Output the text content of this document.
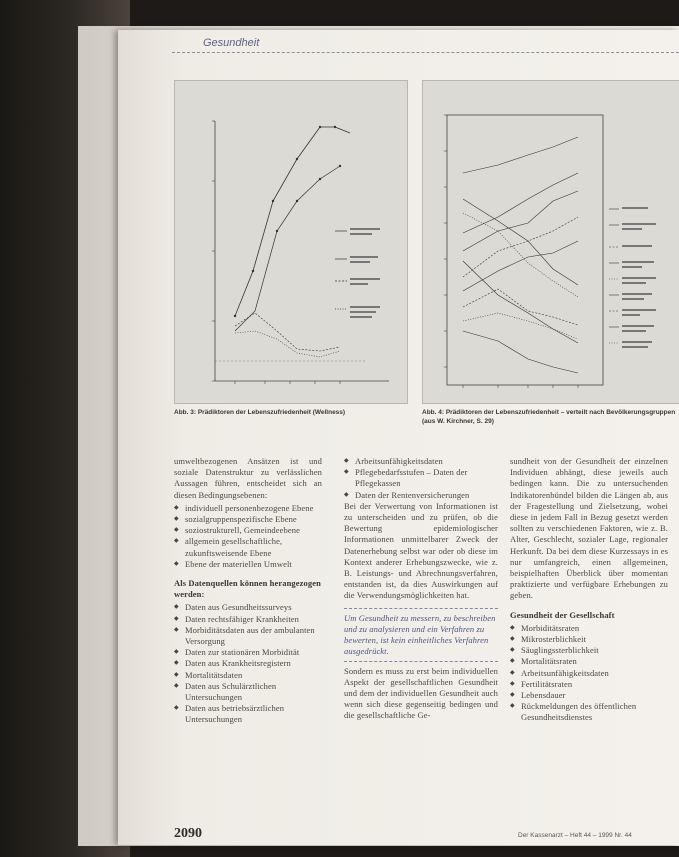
Gesundheit
Abb. 3: Prädiktoren der Lebenszufriedenheit (Wellness)	Abb. 4: Prädiktoren der Lebenszufriedenheit – verteilt nach Bevölkerungsgruppen (aus W. Kirchner, S. 29)

umweltbezogenen Ansätzen ist und soziale Datenstruktur zu verlässlichen Aussagen führen, entscheidet sich an diesen Bedingungsebenen:

◆ individuell personenbezogene Ebene
◆ sozialgruppenspezifische Ebene
◆ soziostrukturell, Gemeindeebene
◆ allgemein gesellschaftliche, zukunftsweisende Ebene
◆ Ebene der materiellen Umwelt
Als Datenquellen können herangezogen werden:
◆ Daten aus Gesundheitssurveys
◆ Daten rechtsfähiger Krankheiten
◆ Morbiditätsdaten aus der ambulanten Versorgung
◆ Daten zur stationären Morbidität
◆ Daten aus Krankheitsregistern
◆ Mortalitätsdaten
◆ Daten aus Schulärztlichen Untersuchungen
◆ Daten aus betriebsärztlichen Untersuchungen
◆ Arbeitsunfähigkeitsdaten
◆ Pflegebedarfsstufen – Daten der Pflegekassen
◆ Daten der Rentenversicherungen

Bei der Verwertung von Informationen ist zu unterscheiden und zu prüfen, ob die Bewertung epidemiologischer Informationen unmittelbarer Zweck der Datenerhebung selbst war oder ob diese im Kontext anderer Erhebungszwecke, wie z. B. Leistungs- und Abrechnungsverfahren, entstanden ist, da dies Auswirkungen auf die Verwendungsmöglichkeiten hat.

Um Gesundheit zu messern, zu beschreiben und zu analysieren und ein Verfahren zu bewerten, ist kein einheitliches Verfahren ausgedrückt.

Sondern es muss zu erst beim individuellen Aspekt der gesellschaftlichen Gesundheit und dem der individuellen Gesundheit auch wenn sich diese gegenseitig bedingen und die gesellschaftliche Ge-

sundheit von der Gesundheit der einzelnen Individuen abhängt, diese jeweils auch bedingen kann. Die zu untersuchenden Indikatorenbündel bilden die Längen ab, aus der Fragestellung und Zielsetzung, wobei diese in jedem Fall in Bezug gesetzt werden sollten zu verschiedenen Faktoren, wie z. B. Alter, Geschlecht, sozialer Lage, regionaler Herkunft. Da bei dem diese Kurzessays in es nur umfangreich, einen allgemeinen, beispielhaften Überblick über momentan praktizierte und verfügbare Erhebungen zu geben.

Gesundheit der Gesellschaft
◆ Morbiditätsraten
◆ Mikrosterblichkeit
◆ Säuglingssterblichkeit
◆ Mortalitätsraten
◆ Arbeitsunfähigkeitsdaten
◆ Fertilitätsraten
◆ Lebensdauer
◆ Rückmeldungen des öffentlichen Gesundheitsdienstes
2090	Der Kassenarzt – Heft 44 – 1999 Nr. 44
